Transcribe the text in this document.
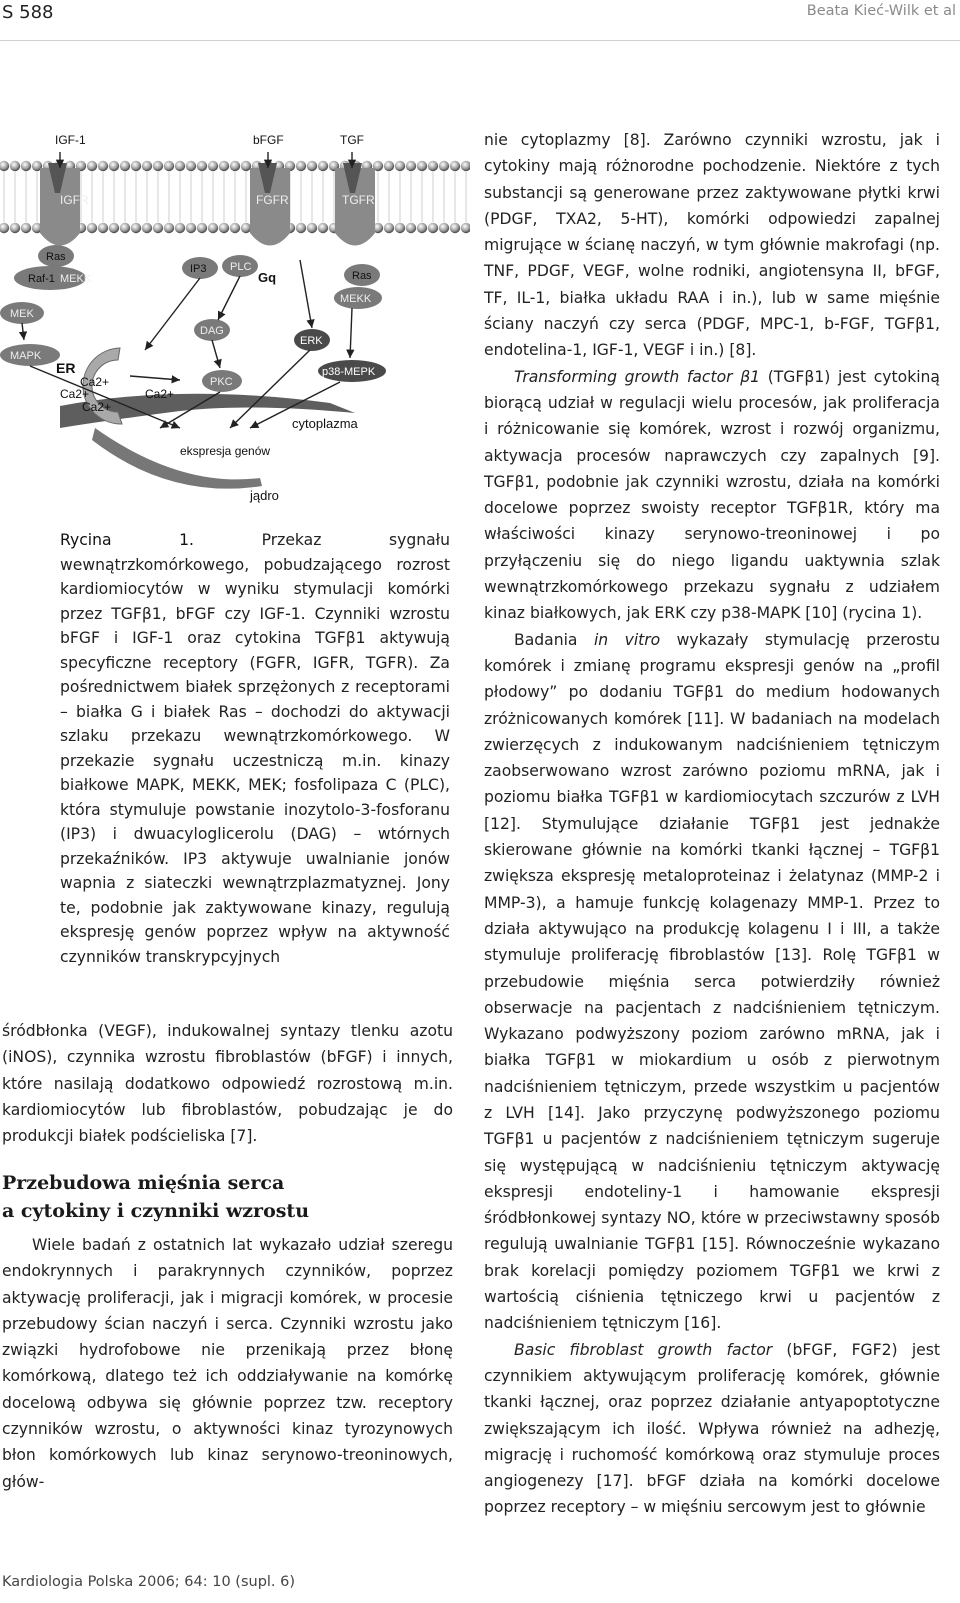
S 588	Beata Kieć-Wilk et al
IGF-1	bFGF	TGF
IGFR	FGFR	TGFR
Ras
Raf-1 MEKK
MEK
MAPK
PLC
Gq
IP3
DAG
PKC
Ras
MEKK
ERK
p38-MEPK
ER
Ca2+
Ca2+
Ca2+
Ca2+
cytoplazma
ekspresja genów
jądro

Rycina 1.	Przekaz sygnału wewnątrzkomórkowego, pobudzającego rozrost kardiomiocytów w wyniku stymulacji komórki przez TGFβ1, bFGF czy IGF-1. Czynniki wzrostu bFGF i IGF-1 oraz cytokina TGFβ1 aktywują specyficzne receptory (FGFR, IGFR, TGFR). Za pośrednictwem białek sprzężonych z receptorami – białka G i białek Ras – dochodzi do aktywacji szlaku przekazu wewnątrzkomórkowego. W przekazie sygnału uczestniczą m.in. kinazy białkowe MAPK, MEKK, MEK; fosfolipaza C (PLC), która stymuluje powstanie inozytolo-3-fosforanu (IP3) i dwuacyloglicerolu (DAG) – wtórnych przekaźników. IP3 aktywuje uwalnianie jonów wapnia z siateczki wewnątrzplazmatyznej. Jony te, podobnie jak zaktywowane kinazy, regulują ekspresję genów poprzez wpływ na aktywność czynników transkrypcyjnych

śródbłonka (VEGF), indukowalnej syntazy tlenku azotu (iNOS), czynnika wzrostu fibroblastów (bFGF) i innych, które nasilają dodatkowo odpowiedź rozrostową m.in. kardiomiocytów lub fibroblastów, pobudzając je do produkcji białek podścieliska [7].

Przebudowa mięśnia serca
a cytokiny i czynniki wzrostu

Wiele badań z ostatnich lat wykazało udział szeregu endokrynnych i parakrynnych czynników, poprzez aktywację proliferacji, jak i migracji komórek, w procesie przebudowy ścian naczyń i serca. Czynniki wzrostu jako związki hydrofobowe nie przenikają przez błonę komórkową, dlatego też ich oddziaływanie na komórkę docelową odbywa się głównie poprzez tzw. receptory czynników wzrostu, o aktywności kinaz tyrozynowych błon komórkowych lub kinaz serynowo-treoninowych, głów-

nie cytoplazmy [8]. Zarówno czynniki wzrostu, jak i cytokiny mają różnorodne pochodzenie. Niektóre z tych substancji są generowane przez zaktywowane płytki krwi (PDGF, TXA2, 5-HT), komórki odpowiedzi zapalnej migrujące w ścianę naczyń, w tym głównie makrofagi (np. TNF, PDGF, VEGF, wolne rodniki, angiotensyna II, bFGF, TF, IL-1, białka układu RAA i in.), lub w same mięśnie ściany naczyń czy serca (PDGF, MPC-1, b-FGF, TGFβ1, endotelina-1, IGF-1, VEGF i in.) [8].

Transforming growth factor β1 (TGFβ1) jest cytokiną biorącą udział w regulacji wielu procesów, jak proliferacja i różnicowanie się komórek, wzrost i rozwój organizmu, aktywacja procesów naprawczych czy zapalnych [9]. TGFβ1, podobnie jak czynniki wzrostu, działa na komórki docelowe poprzez swoisty receptor TGFβ1R, który ma właściwości kinazy serynowo-treoninowej i po przyłączeniu się do niego ligandu uaktywnia szlak wewnątrzkomórkowego przekazu sygnału z udziałem kinaz białkowych, jak ERK czy p38-MAPK [10] (rycina 1).

Badania in vitro wykazały stymulację przerostu komórek i zmianę programu ekspresji genów na „profil płodowy” po dodaniu TGFβ1 do medium hodowanych zróżnicowanych komórek [11]. W badaniach na modelach zwierzęcych z indukowanym nadciśnieniem tętniczym zaobserwowano wzrost zarówno poziomu mRNA, jak i poziomu białka TGFβ1 w kardiomiocytach szczurów z LVH [12]. Stymulujące działanie TGFβ1 jest jednakże skierowane głównie na komórki tkanki łącznej – TGFβ1 zwiększa ekspresję metaloproteinaz i żelatynaz (MMP-2 i MMP-3), a hamuje funkcję kolagenazy MMP-1. Przez to działa aktywująco na produkcję kolagenu I i III, a także stymuluje proliferację fibroblastów [13]. Rolę TGFβ1 w przebudowie mięśnia serca potwierdziły również obserwacje na pacjentach z nadciśnieniem tętniczym. Wykazano podwyższony poziom zarówno mRNA, jak i białka TGFβ1 w miokardium u osób z pierwotnym nadciśnieniem tętniczym, przede wszystkim u pacjentów z LVH [14]. Jako przyczynę podwyższonego poziomu TGFβ1 u pacjentów z nadciśnieniem tętniczym sugeruje się występującą w nadciśnieniu tętniczym aktywację ekspresji endoteliny-1 i hamowanie ekspresji śródbłonkowej syntazy NO, które w przeciwstawny sposób regulują uwalnianie TGFβ1 [15]. Równocześnie wykazano brak korelacji pomiędzy poziomem TGFβ1 we krwi z wartością ciśnienia tętniczego krwi u pacjentów z nadciśnieniem tętniczym [16].

Basic fibroblast growth factor (bFGF, FGF2) jest czynnikiem aktywującym proliferację komórek, głównie tkanki łącznej, oraz poprzez działanie antyapoptotyczne zwiększającym ich ilość. Wpływa również na adhezję, migrację i ruchomość komórkową oraz stymuluje proces angiogenezy [17]. bFGF działa na komórki docelowe poprzez receptory – w mięśniu sercowym jest to głównie

Kardiologia Polska 2006; 64: 10 (supl. 6)
